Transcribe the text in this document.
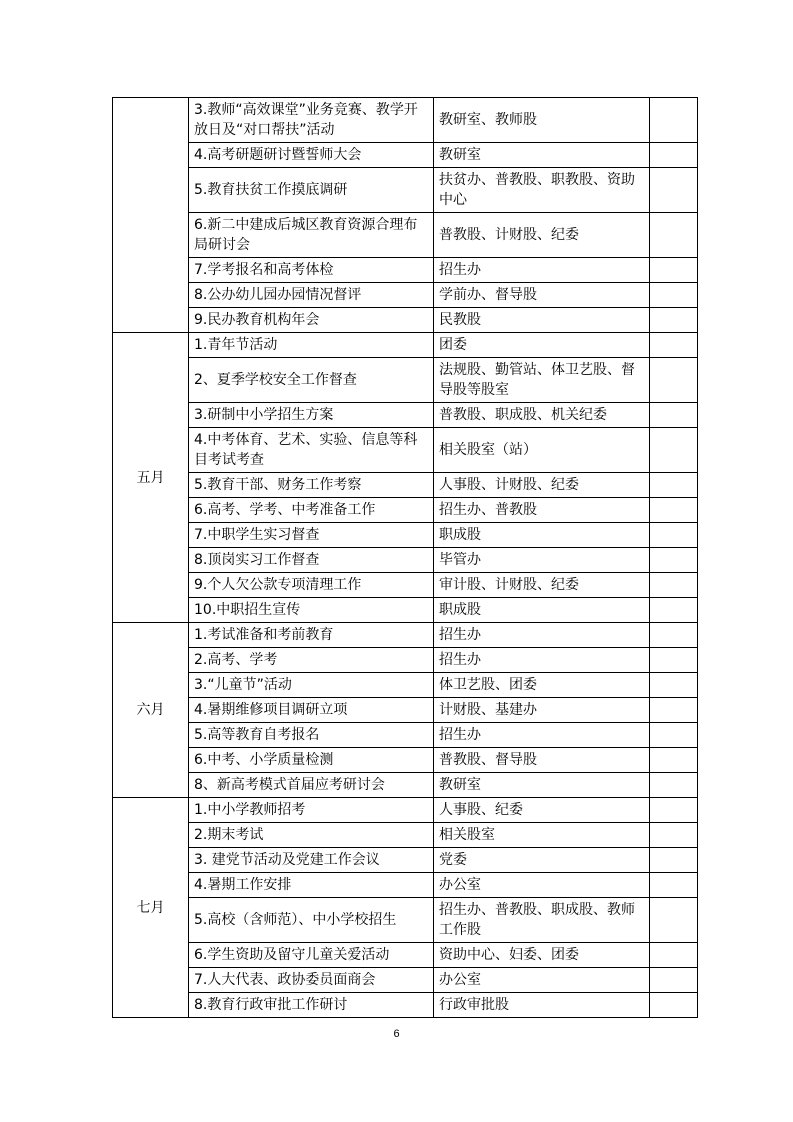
	3.教师“高效课堂”业务竞赛、教学开放日及“对口帮扶”活动	教研室、教师股	
	4.高考研题研讨暨誓师大会	教研室	
	5.教育扶贫工作摸底调研	扶贫办、普教股、职教股、资助中心	
	6.新二中建成后城区教育资源合理布局研讨会	普教股、计财股、纪委	
	7.学考报名和高考体检	招生办	
	8.公办幼儿园办园情况督评	学前办、督导股	
	9.民办教育机构年会	民教股	
五月	1.青年节活动	团委	
	2、夏季学校安全工作督查	法规股、勤管站、体卫艺股、督导股等股室	
	3.研制中小学招生方案	普教股、职成股、机关纪委	
	4.中考体育、艺术、实验、信息等科目考试考查	相关股室（站）	
	5.教育干部、财务工作考察	人事股、计财股、纪委	
	6.高考、学考、中考准备工作	招生办、普教股	
	7.中职学生实习督查	职成股	
	8.顶岗实习工作督查	毕管办	
	9.个人欠公款专项清理工作	审计股、计财股、纪委	
	10.中职招生宣传	职成股	
六月	1.考试准备和考前教育	招生办	
	2.高考、学考	招生办	
	3.“儿童节”活动	体卫艺股、团委	
	4.暑期维修项目调研立项	计财股、基建办	
	5.高等教育自考报名	招生办	
	6.中考、小学质量检测	普教股、督导股	
	8、新高考模式首届应考研讨会	教研室	
七月	1.中小学教师招考	人事股、纪委	
	2.期末考试	相关股室	
	3. 建党节活动及党建工作会议	党委	
	4.暑期工作安排	办公室	
	5.高校（含师范）、中小学校招生	招生办、普教股、职成股、教师工作股	
	6.学生资助及留守儿童关爱活动	资助中心、妇委、团委	
	7.人大代表、政协委员面商会	办公室	
	8.教育行政审批工作研讨	行政审批股	
6
